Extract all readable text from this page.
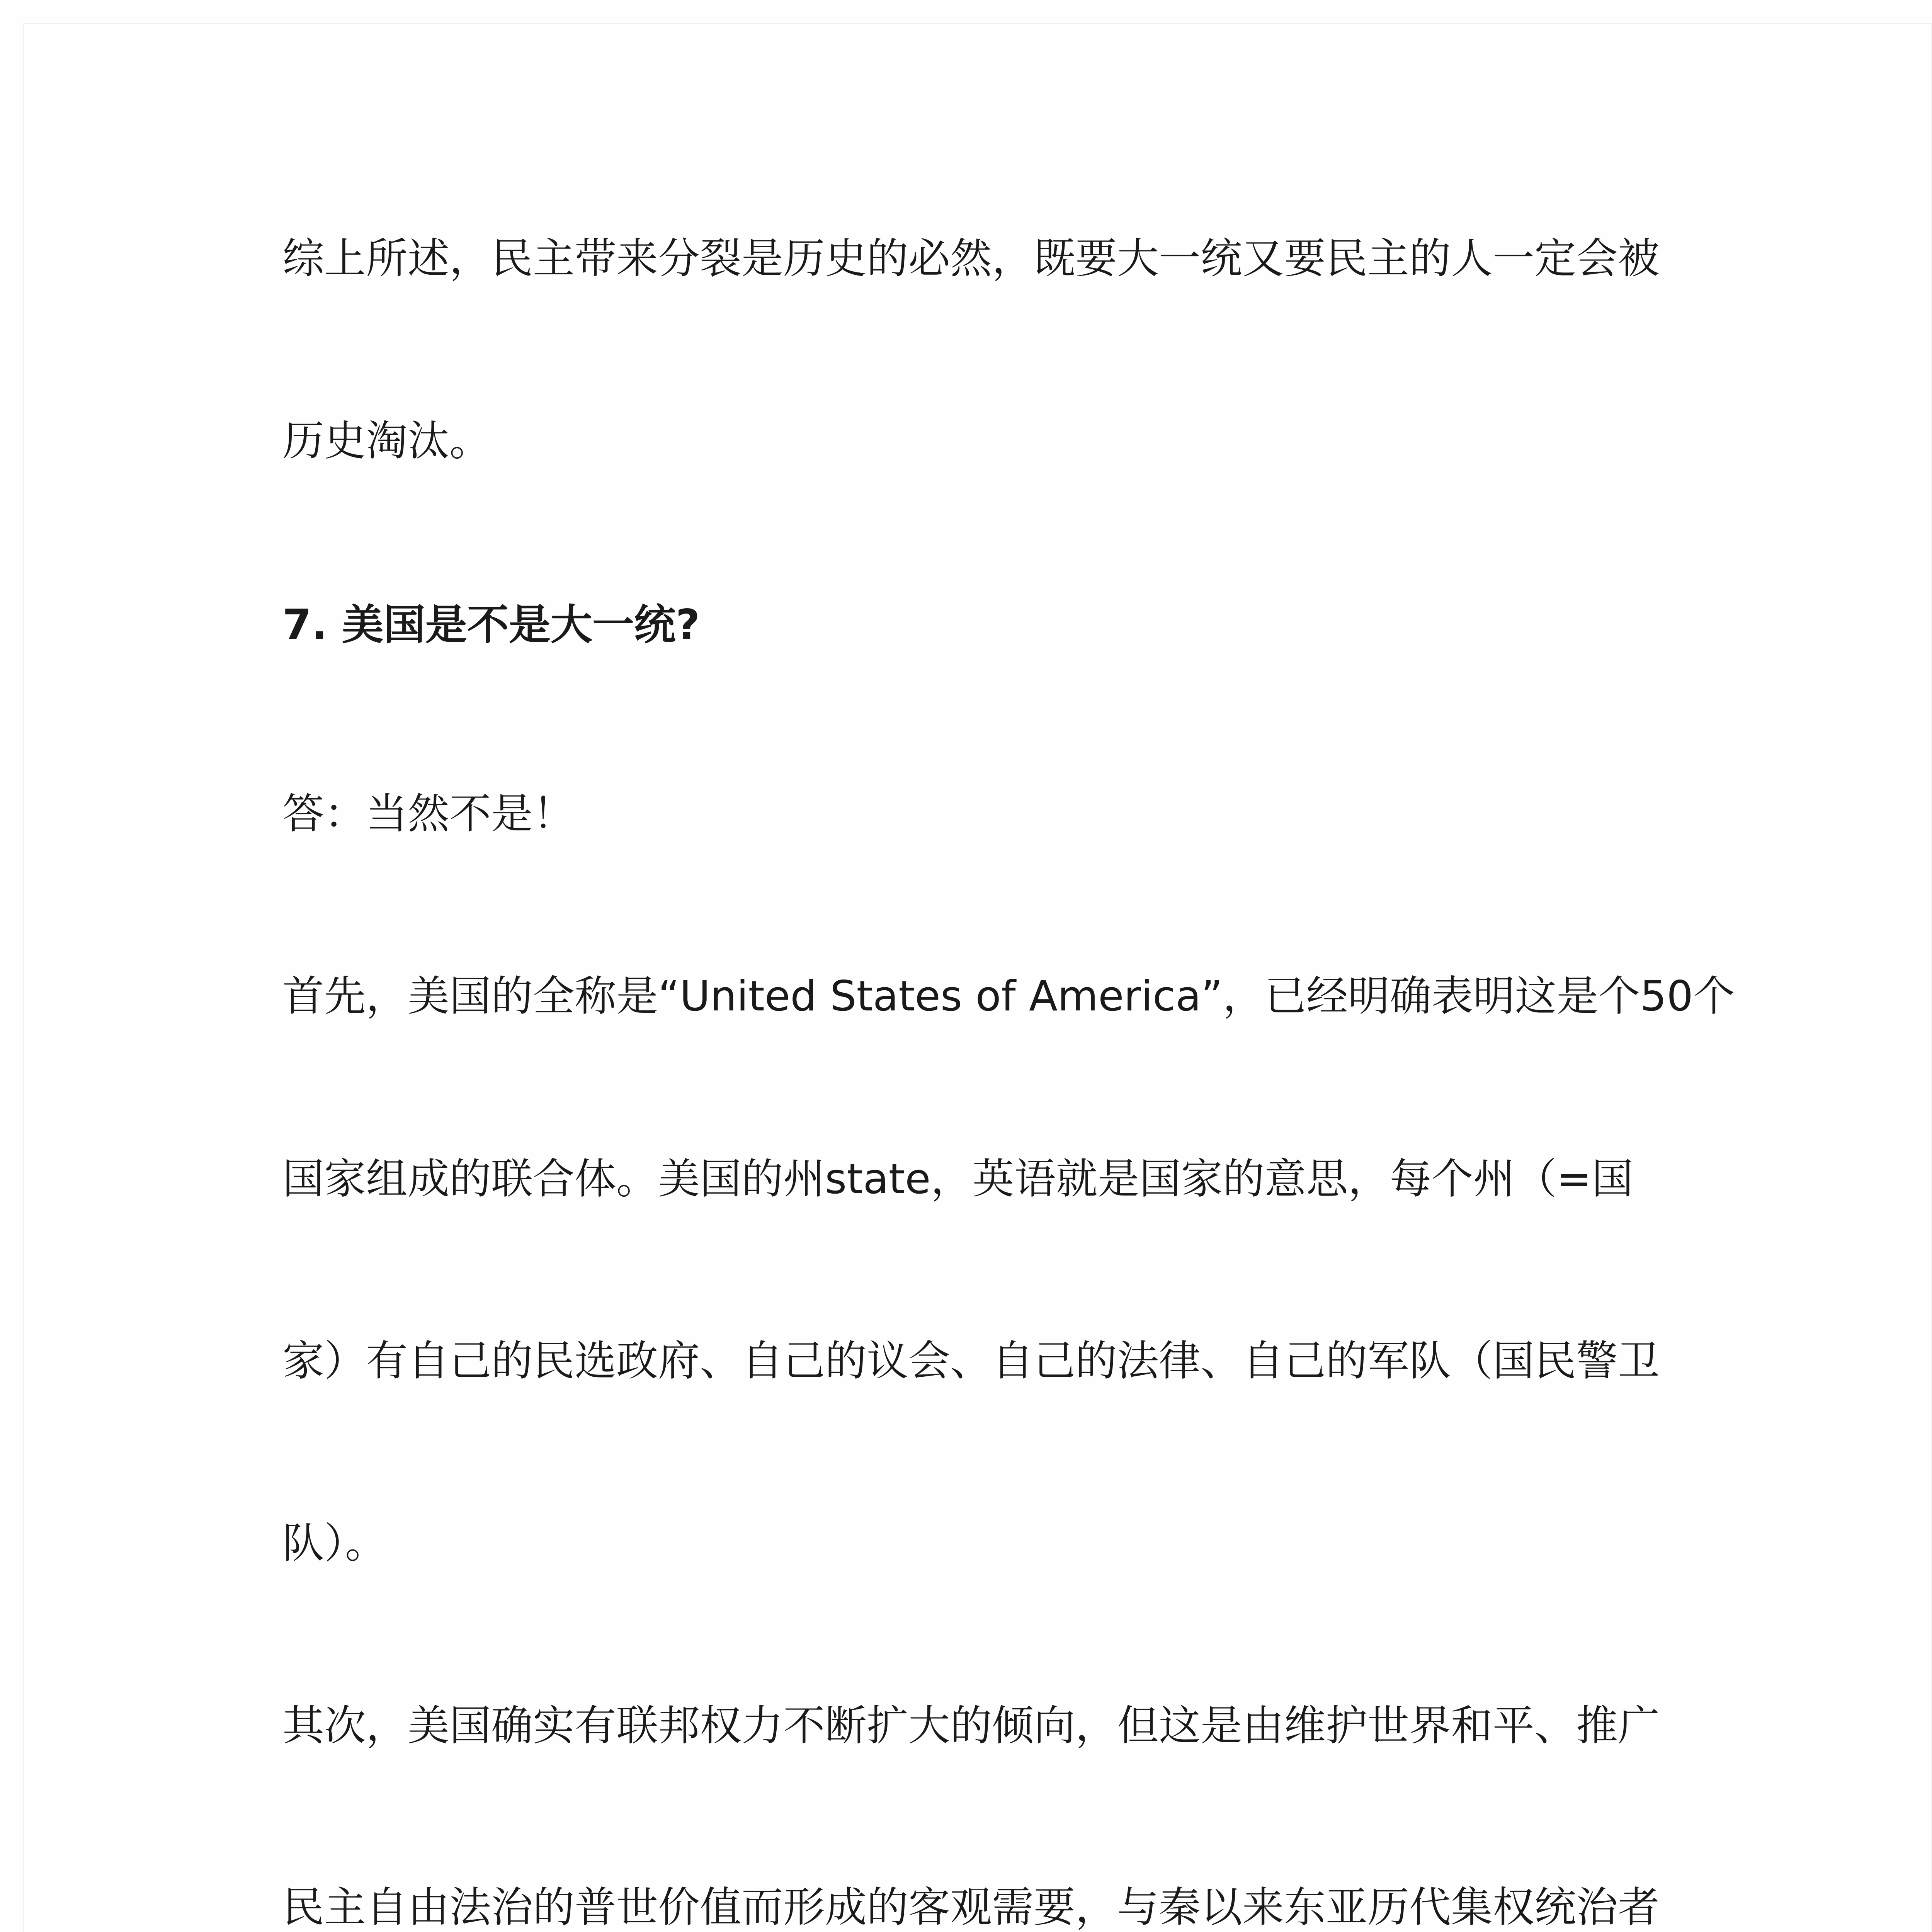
综上所述，民主带来分裂是历史的必然，既要大一统又要民主的人一定会被

历史淘汰。

7. 美国是不是大一统?

答：当然不是！

首先，美国的全称是“United States of America”，已经明确表明这是个50个

国家组成的联合体。美国的州state，英语就是国家的意思，每个州（=国

家）有自己的民选政府、自己的议会、自己的法律、自己的军队（国民警卫

队）。

其次，美国确实有联邦权力不断扩大的倾向，但这是由维护世界和平、推广

民主自由法治的普世价值而形成的客观需要，与秦以来东亚历代集权统治者
